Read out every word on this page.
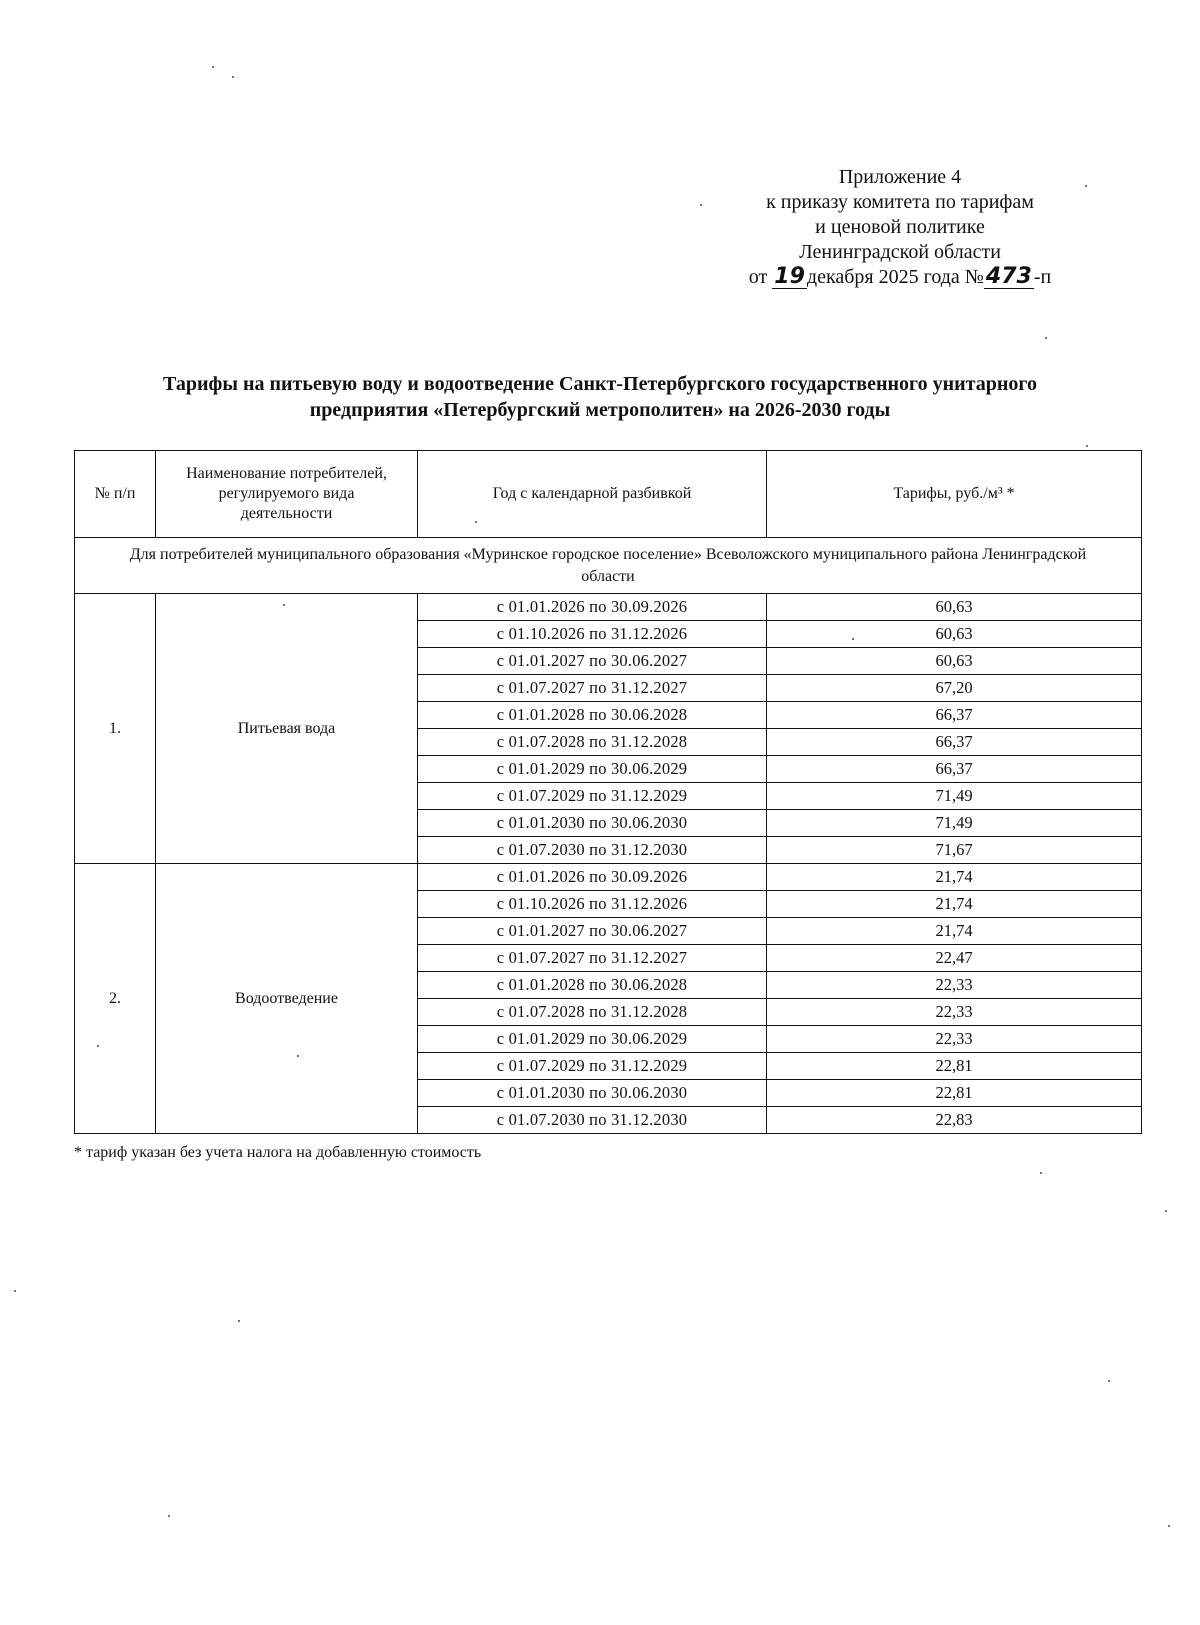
Приложение 4
к приказу комитета по тарифам
и ценовой политике
Ленинградской области
от 19 декабря 2025 года №473 -п
Тарифы на питьевую воду и водоотведение Санкт-Петербургского государственного унитарного
предприятия «Петербургский метрополитен» на 2026-2030 годы
№ п/п	Наименование потребителей, регулируемого вида деятельности	Год с календарной разбивкой	Тарифы, руб./м³ *
Для потребителей муниципального образования «Муринское городское поселение» Всеволожского муниципального района Ленинградской области			
1.	Питьевая вода	с 01.01.2026 по 30.09.2026	60,63
		с 01.10.2026 по 31.12.2026	60,63
		с 01.01.2027 по 30.06.2027	60,63
		с 01.07.2027 по 31.12.2027	67,20
		с 01.01.2028 по 30.06.2028	66,37
		с 01.07.2028 по 31.12.2028	66,37
		с 01.01.2029 по 30.06.2029	66,37
		с 01.07.2029 по 31.12.2029	71,49
		с 01.01.2030 по 30.06.2030	71,49
		с 01.07.2030 по 31.12.2030	71,67
2.	Водоотведение	с 01.01.2026 по 30.09.2026	21,74
		с 01.10.2026 по 31.12.2026	21,74
		с 01.01.2027 по 30.06.2027	21,74
		с 01.07.2027 по 31.12.2027	22,47
		с 01.01.2028 по 30.06.2028	22,33
		с 01.07.2028 по 31.12.2028	22,33
		с 01.01.2029 по 30.06.2029	22,33
		с 01.07.2029 по 31.12.2029	22,81
		с 01.01.2030 по 30.06.2030	22,81
		с 01.07.2030 по 31.12.2030	22,83
* тариф указан без учета налога на добавленную стоимость
